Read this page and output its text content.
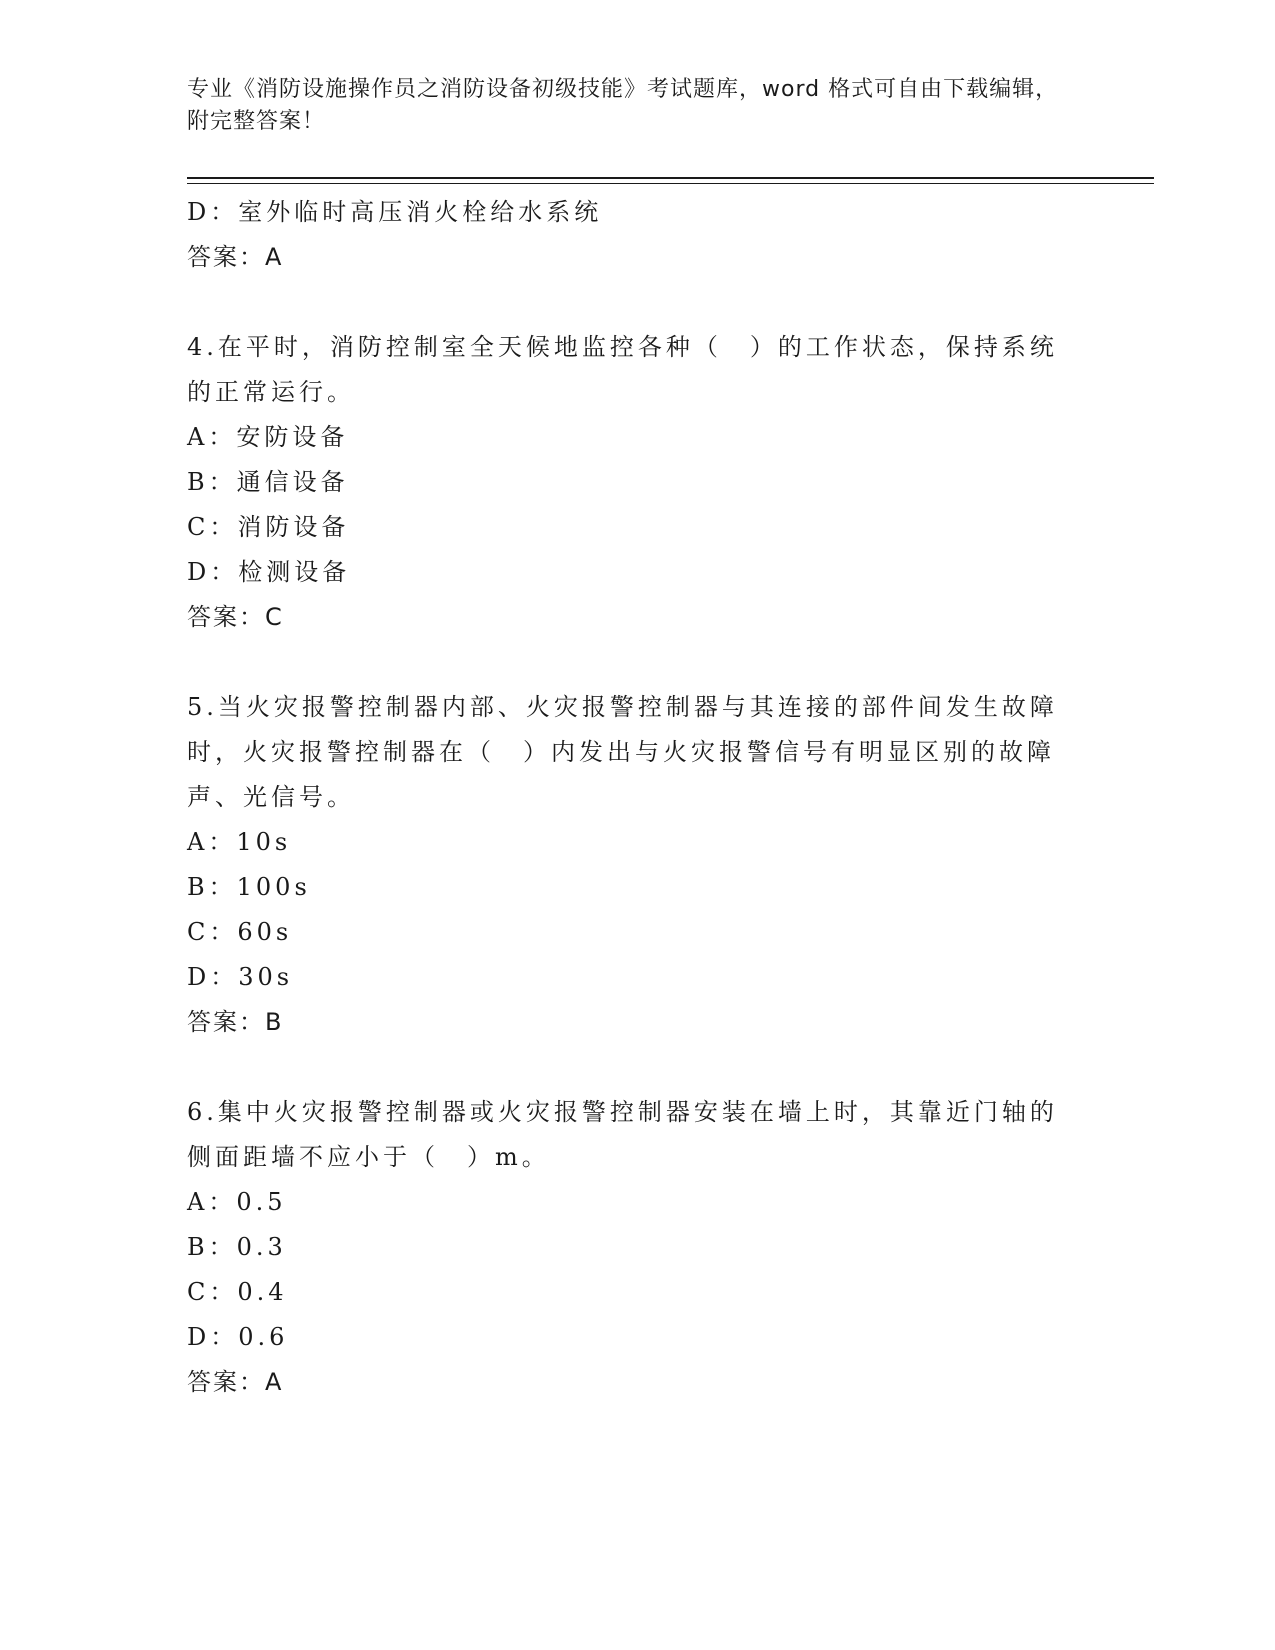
专业《消防设施操作员之消防设备初级技能》考试题库，word 格式可自由下载编辑，附完整答案！
D：室外临时高压消火栓给水系统
答案：A
4.在平时，消防控制室全天候地监控各种（　）的工作状态，保持系统的正常运行。
A：安防设备
B：通信设备
C：消防设备
D：检测设备
答案：C
5.当火灾报警控制器内部、火灾报警控制器与其连接的部件间发生故障时，火灾报警控制器在（　）内发出与火灾报警信号有明显区别的故障声、光信号。
A：10s
B：100s
C：60s
D：30s
答案：B
6.集中火灾报警控制器或火灾报警控制器安装在墙上时，其靠近门轴的侧面距墙不应小于（　）m。
A：0.5
B：0.3
C：0.4
D：0.6
答案：A
